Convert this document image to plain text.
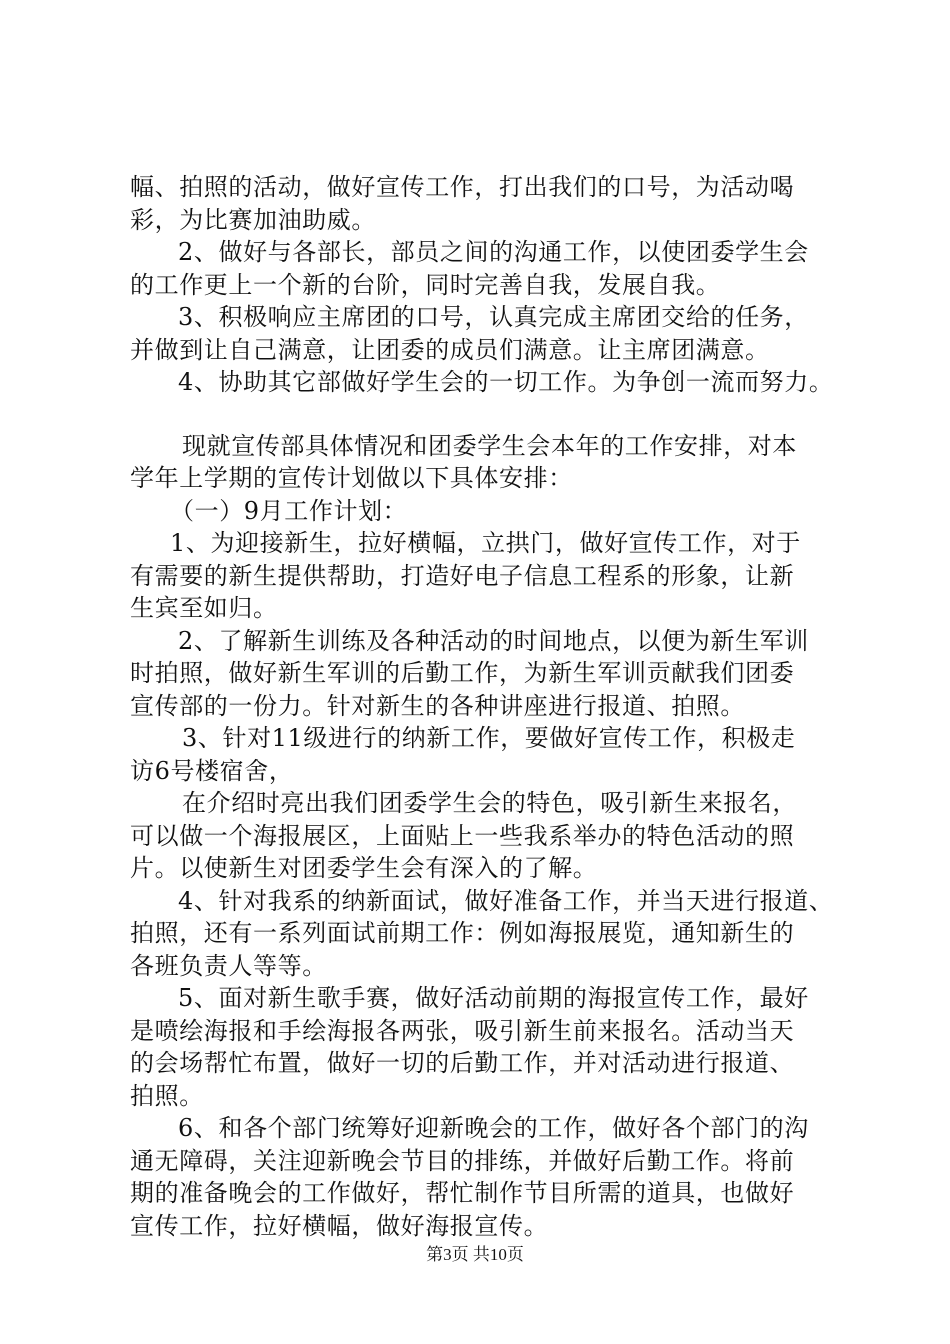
幅、拍照的活动，做好宣传工作，打出我们的口号，为活动喝
彩，为比赛加油助威。
2、做好与各部长，部员之间的沟通工作，以使团委学生会
的工作更上一个新的台阶，同时完善自我，发展自我。
3、积极响应主席团的口号，认真完成主席团交给的任务，
并做到让自己满意，让团委的成员们满意。让主席团满意。
4、协助其它部做好学生会的一切工作。为争创一流而努力。
现就宣传部具体情况和团委学生会本年的工作安排，对本
学年上学期的宣传计划做以下具体安排：
（一）9月工作计划：
1、为迎接新生，拉好横幅，立拱门，做好宣传工作，对于
有需要的新生提供帮助，打造好电子信息工程系的形象，让新
生宾至如归。
2、了解新生训练及各种活动的时间地点，以便为新生军训
时拍照，做好新生军训的后勤工作，为新生军训贡献我们团委
宣传部的一份力。针对新生的各种讲座进行报道、拍照。
3、针对11级进行的纳新工作，要做好宣传工作，积极走
访6号楼宿舍，
在介绍时亮出我们团委学生会的特色，吸引新生来报名，
可以做一个海报展区，上面贴上一些我系举办的特色活动的照
片。以使新生对团委学生会有深入的了解。
4、针对我系的纳新面试，做好准备工作，并当天进行报道、
拍照，还有一系列面试前期工作：例如海报展览，通知新生的
各班负责人等等。
5、面对新生歌手赛，做好活动前期的海报宣传工作，最好
是喷绘海报和手绘海报各两张，吸引新生前来报名。活动当天
的会场帮忙布置，做好一切的后勤工作，并对活动进行报道、
拍照。
6、和各个部门统筹好迎新晚会的工作，做好各个部门的沟
通无障碍，关注迎新晚会节目的排练，并做好后勤工作。将前
期的准备晚会的工作做好，帮忙制作节目所需的道具，也做好
宣传工作，拉好横幅，做好海报宣传。
第3页 共10页
